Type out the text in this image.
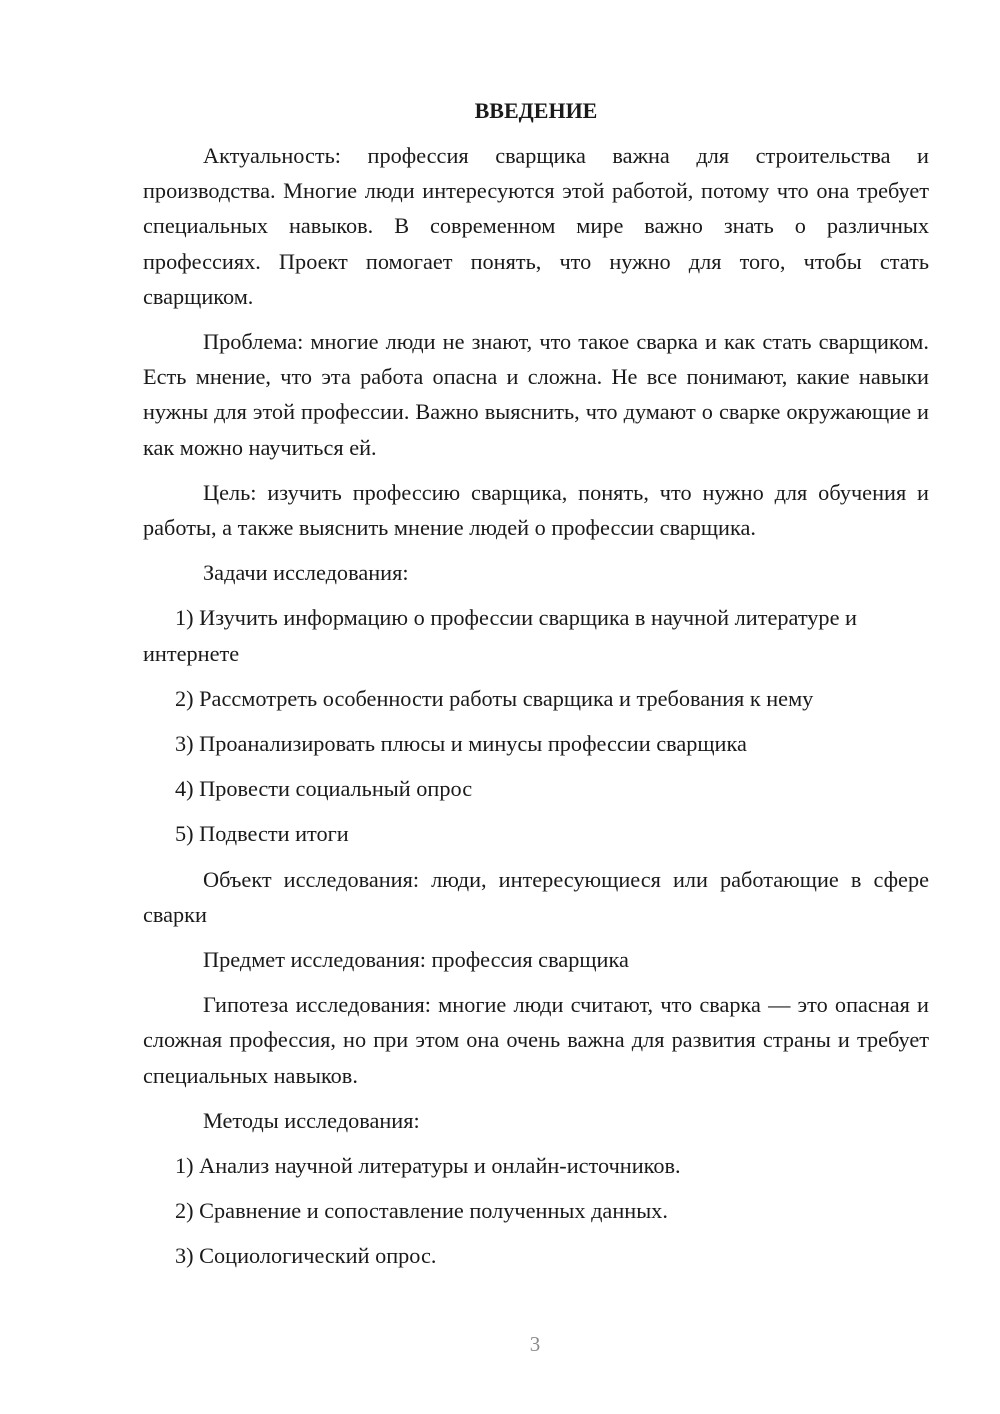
ВВЕДЕНИЕ

Актуальность: профессия сварщика важна для строительства и производства. Многие люди интересуются этой работой, потому что она требует специальных навыков. В современном мире важно знать о различных профессиях. Проект помогает понять, что нужно для того, чтобы стать сварщиком.

Проблема: многие люди не знают, что такое сварка и как стать сварщиком. Есть мнение, что эта работа опасна и сложна. Не все понимают, какие навыки нужны для этой профессии. Важно выяснить, что думают о сварке окружающие и как можно научиться ей.

Цель: изучить профессию сварщика, понять, что нужно для обучения и работы, а также выяснить мнение людей о профессии сварщика.

Задачи исследования:

1) Изучить информацию о профессии сварщика в научной литературе и интернете

2) Рассмотреть особенности работы сварщика и требования к нему

3) Проанализировать плюсы и минусы профессии сварщика

4) Провести социальный опрос

5) Подвести итоги

Объект исследования: люди, интересующиеся или работающие в сфере сварки

Предмет исследования: профессия сварщика

Гипотеза исследования: многие люди считают, что сварка — это опасная и сложная профессия, но при этом она очень важна для развития страны и требует специальных навыков.

Методы исследования:

1) Анализ научной литературы и онлайн-источников.

2) Сравнение и сопоставление полученных данных.

3) Социологический опрос.

3
